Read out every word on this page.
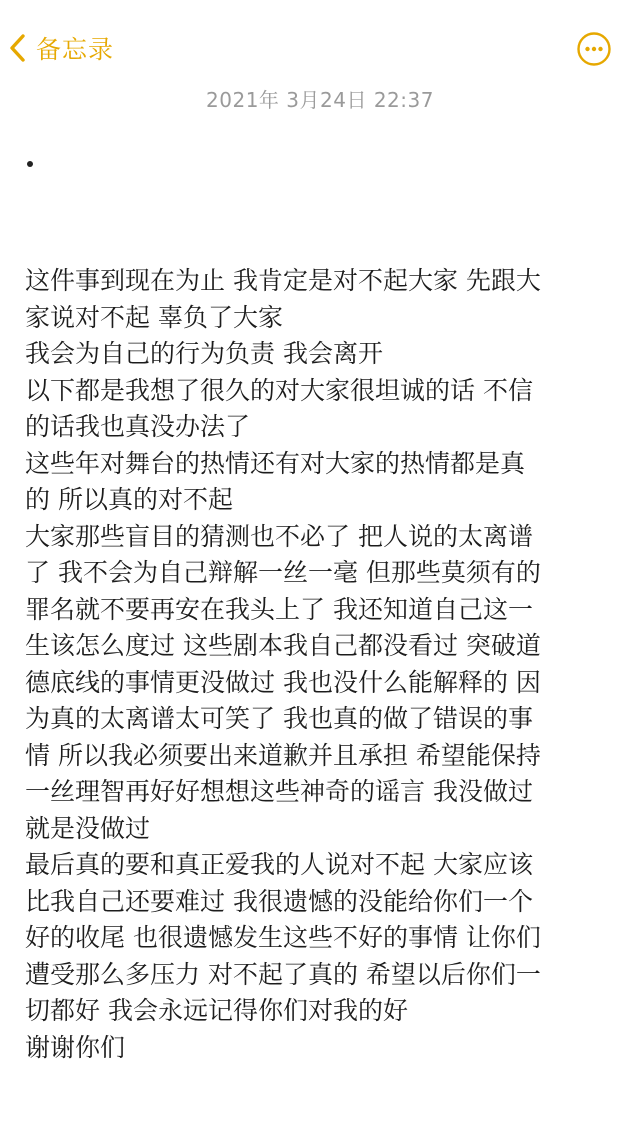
备忘录
2021年 3月24日 22:37
这件事到现在为止 我肯定是对不起大家 先跟大
家说对不起 辜负了大家
我会为自己的行为负责 我会离开
以下都是我想了很久的对大家很坦诚的话 不信
的话我也真没办法了
这些年对舞台的热情还有对大家的热情都是真
的 所以真的对不起
大家那些盲目的猜测也不必了 把人说的太离谱
了 我不会为自己辩解一丝一毫 但那些莫须有的
罪名就不要再安在我头上了 我还知道自己这一
生该怎么度过 这些剧本我自己都没看过 突破道
德底线的事情更没做过 我也没什么能解释的 因
为真的太离谱太可笑了 我也真的做了错误的事
情 所以我必须要出来道歉并且承担 希望能保持
一丝理智再好好想想这些神奇的谣言 我没做过
就是没做过
最后真的要和真正爱我的人说对不起 大家应该
比我自己还要难过 我很遗憾的没能给你们一个
好的收尾 也很遗憾发生这些不好的事情 让你们
遭受那么多压力 对不起了真的 希望以后你们一
切都好 我会永远记得你们对我的好
谢谢你们
